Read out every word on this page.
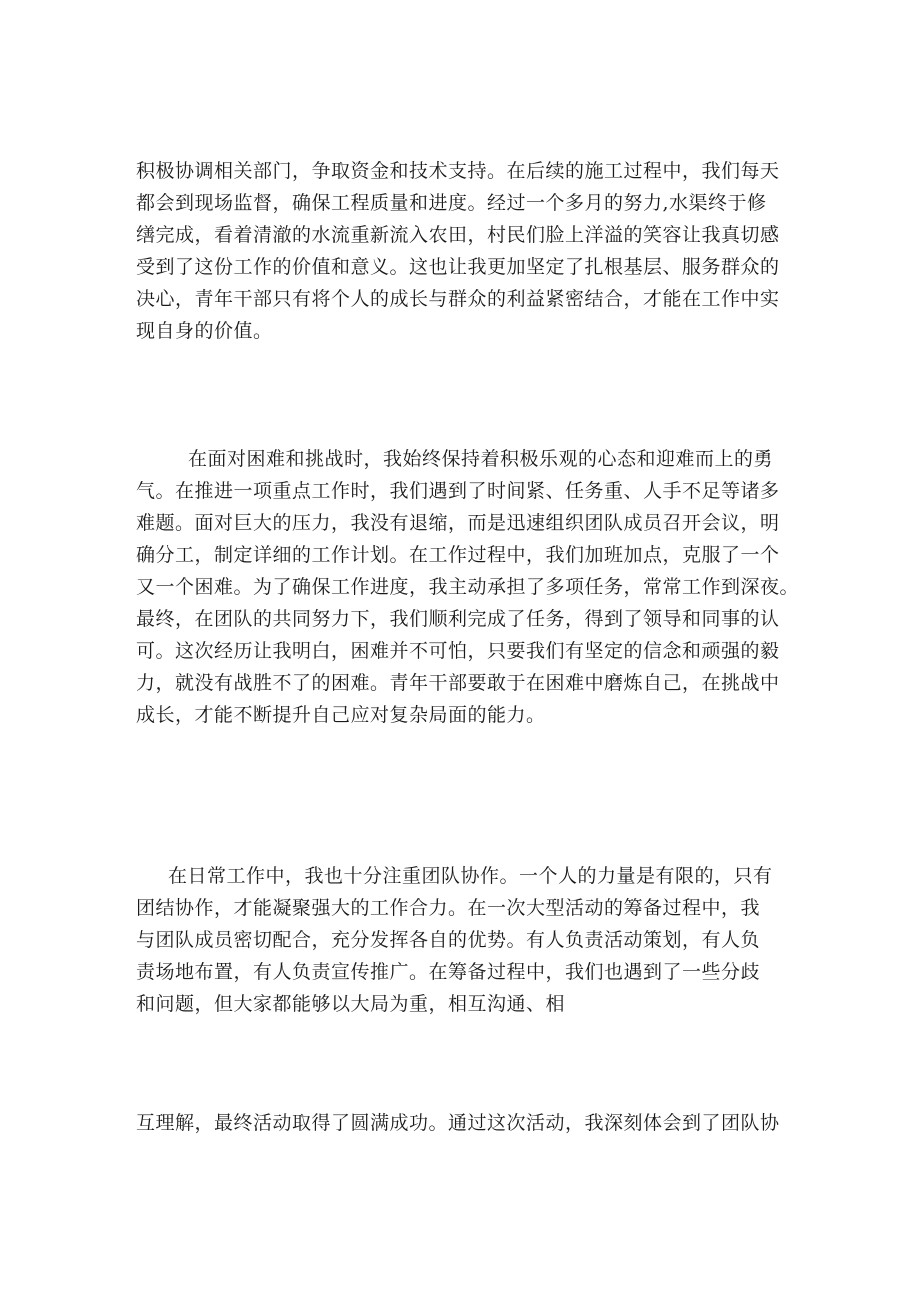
积极协调相关部门，争取资金和技术支持。在后续的施工过程中，我们每天
都会到现场监督，确保工程质量和进度。经过一个多月的努力,水渠终于修
缮完成，看着清澈的水流重新流入农田，村民们脸上洋溢的笑容让我真切感
受到了这份工作的价值和意义。这也让我更加坚定了扎根基层、服务群众的
决心，青年干部只有将个人的成长与群众的利益紧密结合，才能在工作中实
现自身的价值。
在面对困难和挑战时，我始终保持着积极乐观的心态和迎难而上的勇
气。在推进一项重点工作时，我们遇到了时间紧、任务重、人手不足等诸多
难题。面对巨大的压力，我没有退缩，而是迅速组织团队成员召开会议，明
确分工，制定详细的工作计划。在工作过程中，我们加班加点，克服了一个
又一个困难。为了确保工作进度，我主动承担了多项任务，常常工作到深夜。
最终，在团队的共同努力下，我们顺利完成了任务，得到了领导和同事的认
可。这次经历让我明白，困难并不可怕，只要我们有坚定的信念和顽强的毅
力，就没有战胜不了的困难。青年干部要敢于在困难中磨炼自己，在挑战中
成长，才能不断提升自己应对复杂局面的能力。
在日常工作中，我也十分注重团队协作。一个人的力量是有限的，只有
团结协作，才能凝聚强大的工作合力。在一次大型活动的筹备过程中，我
与团队成员密切配合，充分发挥各自的优势。有人负责活动策划，有人负
责场地布置，有人负责宣传推广。在筹备过程中，我们也遇到了一些分歧
和问题，但大家都能够以大局为重，相互沟通、相
互理解，最终活动取得了圆满成功。通过这次活动，我深刻体会到了团队协
